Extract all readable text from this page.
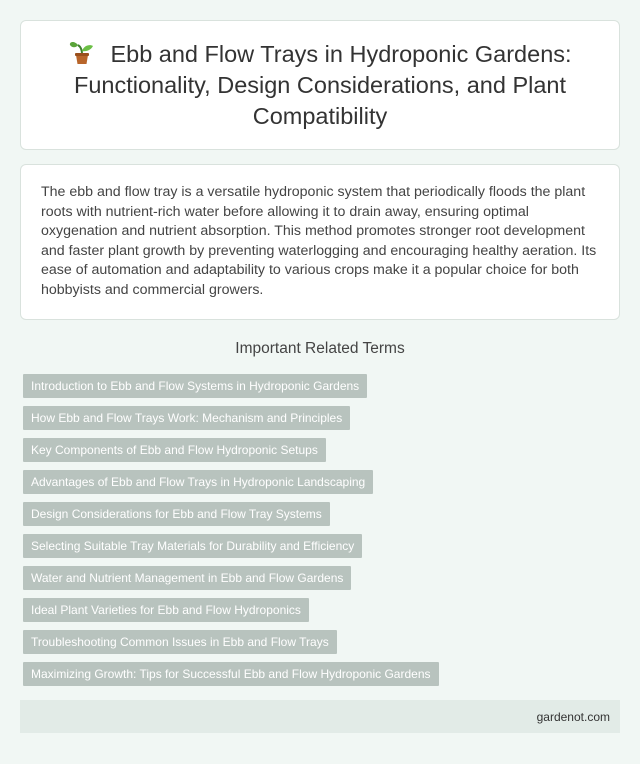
Ebb and Flow Trays in Hydroponic Gardens: Functionality, Design Considerations, and Plant Compatibility

The ebb and flow tray is a versatile hydroponic system that periodically floods the plant roots with nutrient-rich water before allowing it to drain away, ensuring optimal oxygenation and nutrient absorption. This method promotes stronger root development and faster plant growth by preventing waterlogging and encouraging healthy aeration. Its ease of automation and adaptability to various crops make it a popular choice for both hobbyists and commercial growers.

Important Related Terms
Introduction to Ebb and Flow Systems in Hydroponic Gardens
How Ebb and Flow Trays Work: Mechanism and Principles
Key Components of Ebb and Flow Hydroponic Setups
Advantages of Ebb and Flow Trays in Hydroponic Landscaping
Design Considerations for Ebb and Flow Tray Systems
Selecting Suitable Tray Materials for Durability and Efficiency
Water and Nutrient Management in Ebb and Flow Gardens
Ideal Plant Varieties for Ebb and Flow Hydroponics
Troubleshooting Common Issues in Ebb and Flow Trays
Maximizing Growth: Tips for Successful Ebb and Flow Hydroponic Gardens
gardenot.com
